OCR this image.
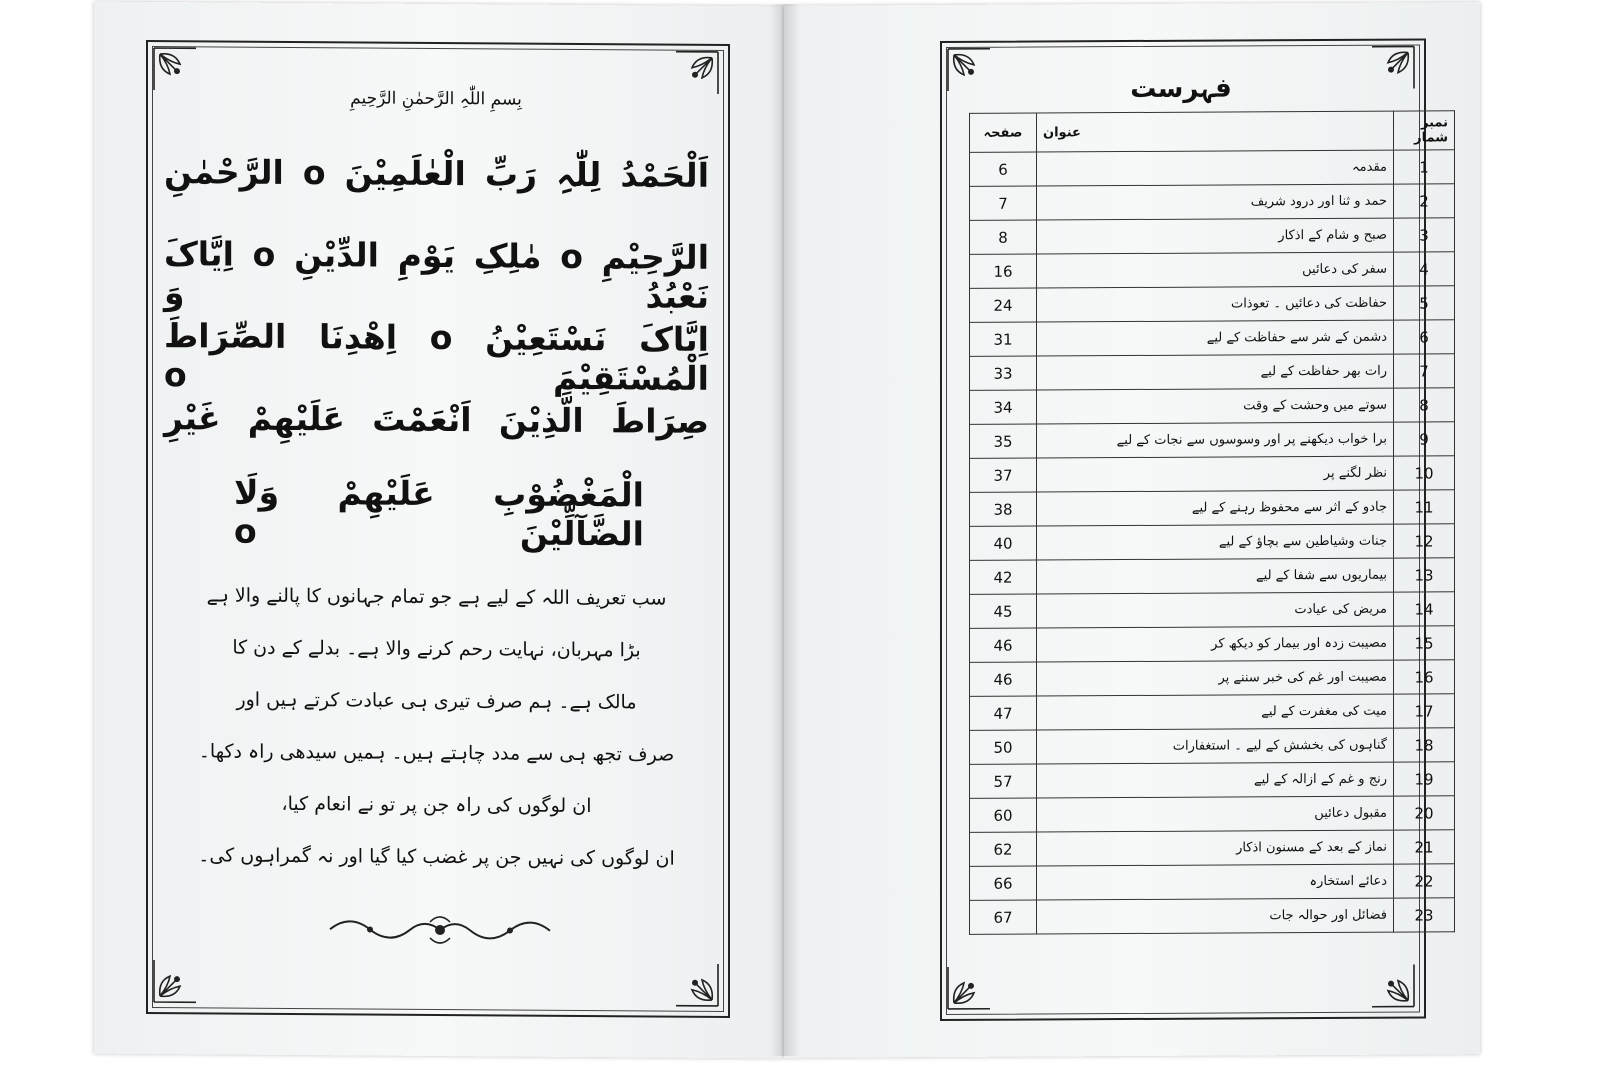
بِسمِ اللّٰہِ الرَّحمٰنِ الرَّحِیمِ
اَلْحَمْدُ لِلّٰہِ رَبِّ الْعٰلَمِیْنَ o الرَّحْمٰنِ
الرَّحِیْمِ o مٰلِکِ یَوْمِ الدِّیْنِ o اِیَّاکَ نَعْبُدُ وَ
اِیَّاکَ نَسْتَعِیْنُ o اِھْدِنَا الصِّرَاطَ الْمُسْتَقِیْمَ o
صِرَاطَ الَّذِیْنَ اَنْعَمْتَ عَلَیْھِمْ غَیْرِ
الْمَغْضُوْبِ عَلَیْھِمْ وَلَا الضَّآلِّیْنَ o
سب تعریف اللہ کے لیے ہے جو تمام جہانوں کا پالنے والا ہے
بڑا مہربان، نہایت رحم کرنے والا ہے۔ بدلے کے دن کا
مالک ہے۔ ہم صرف تیری ہی عبادت کرتے ہیں اور
صرف تجھ ہی سے مدد چاہتے ہیں۔ ہمیں سیدھی راہ دکھا۔
ان لوگوں کی راہ جن پر تو نے انعام کیا،
ان لوگوں کی نہیں جن پر غضب کیا گیا اور نہ گمراہوں کی۔
فہرست
نمبر شمار	عنوان	صفحہ
1	مقدمہ	6
2	حمد و ثنا اور درود شریف	7
3	صبح و شام کے اذکار	8
4	سفر کی دعائیں	16
5	حفاظت کی دعائیں ۔ تعوذات	24
6	دشمن کے شر سے حفاظت کے لیے	31
7	رات بھر حفاظت کے لیے	33
8	سوتے میں وحشت کے وقت	34
9	برا خواب دیکھنے پر اور وسوسوں سے نجات کے لیے	35
10	نظر لگنے پر	37
11	جادو کے اثر سے محفوظ رہنے کے لیے	38
12	جنات وشیاطین سے بچاؤ کے لیے	40
13	بیماریوں سے شفا کے لیے	42
14	مریض کی عیادت	45
15	مصیبت زدہ اور بیمار کو دیکھ کر	46
16	مصیبت اور غم کی خبر سننے پر	46
17	میت کی مغفرت کے لیے	47
18	گناہوں کی بخشش کے لیے ۔ استغفارات	50
19	رنج و غم کے ازالہ کے لیے	57
20	مقبول دعائیں	60
21	نماز کے بعد کے مسنون اذکار	62
22	دعائے استخارہ	66
23	فضائل اور حوالہ جات	67
